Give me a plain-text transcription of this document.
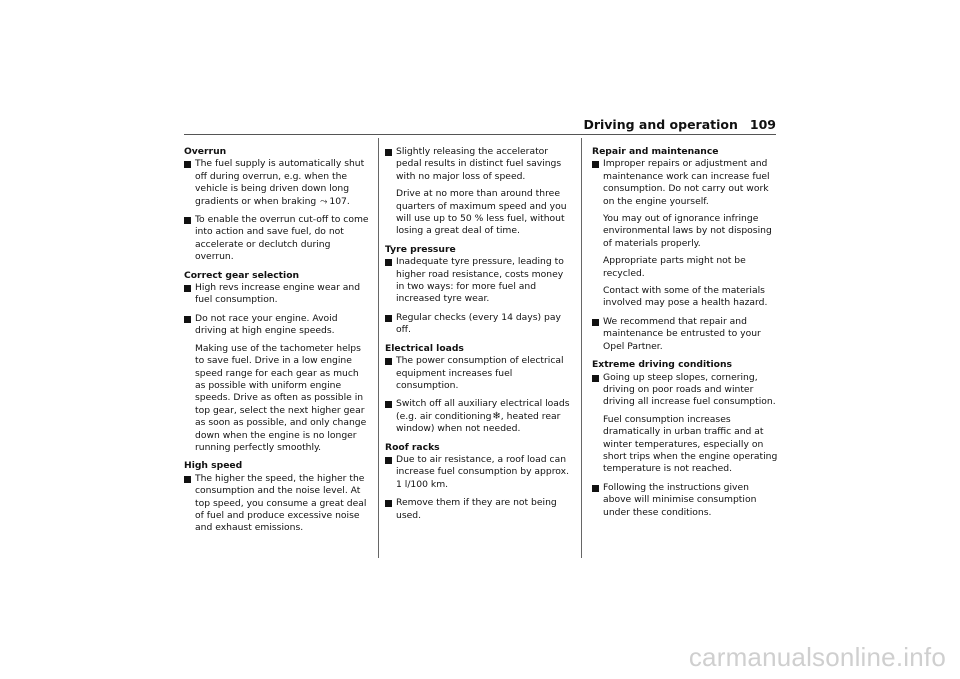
Driving and operation 109
Overrun

The fuel supply is automatically shut off during overrun, e.g. when the vehicle is being driven down long gradients or when braking ⤳ 107.

To enable the overrun cut-off to come into action and save fuel, do not accelerate or declutch during overrun.

Correct gear selection

High revs increase engine wear and fuel consumption.

Do not race your engine. Avoid driving at high engine speeds.

Making use of the tachometer helps to save fuel. Drive in a low engine speed range for each gear as much as possible with uniform engine speeds. Drive as often as possible in top gear, select the next higher gear as soon as possible, and only change down when the engine is no longer running perfectly smoothly.

High speed

The higher the speed, the higher the consumption and the noise level. At top speed, you consume a great deal of fuel and produce excessive noise and exhaust emissions.

Slightly releasing the accelerator pedal results in distinct fuel savings with no major loss of speed.

Drive at no more than around three quarters of maximum speed and you will use up to 50 % less fuel, without losing a great deal of time.

Tyre pressure

Inadequate tyre pressure, leading to higher road resistance, costs money in two ways: for more fuel and increased tyre wear.

Regular checks (every 14 days) pay off.

Electrical loads

The power consumption of electrical equipment increases fuel consumption.

Switch off all auxiliary electrical loads (e.g. air conditioning❄, heated rear window) when not needed.

Roof racks

Due to air resistance, a roof load can increase fuel consumption by approx.
1 l/100 km.

Remove them if they are not being used.

Repair and maintenance

Improper repairs or adjustment and maintenance work can increase fuel consumption. Do not carry out work on the engine yourself.

You may out of ignorance infringe environmental laws by not disposing of materials properly.

Appropriate parts might not be recycled.

Contact with some of the materials involved may pose a health hazard.

We recommend that repair and maintenance be entrusted to your Opel Partner.

Extreme driving conditions

Going up steep slopes, cornering, driving on poor roads and winter driving all increase fuel consumption.

Fuel consumption increases dramatically in urban traffic and at winter temperatures, especially on short trips when the engine operating temperature is not reached.

Following the instructions given above will minimise consumption under these conditions.

carmanualsonline.info
